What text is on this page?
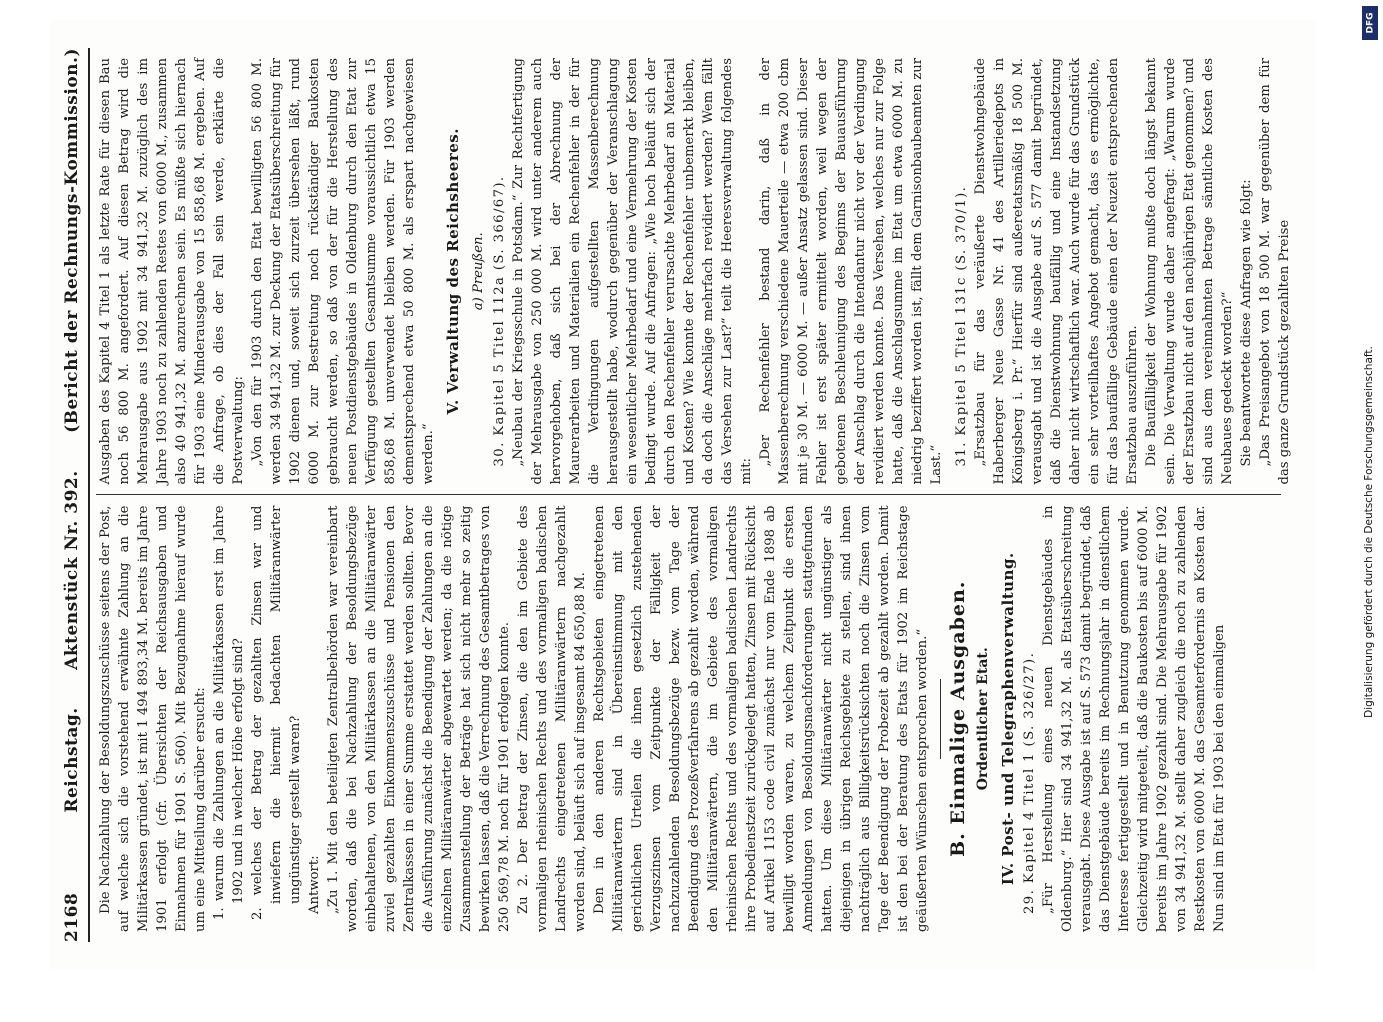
2168
Reichstag.
Aktenstück Nr. 392.
(Bericht der Rechnungs-Kommission.)

Die Nachzahlung der Besoldungszuschüsse seitens der Post, auf welche sich die vorstehend erwähnte Zahlung an die Militärkassen gründet, ist mit 1 494 893,34 M. bereits im Jahre 1901 erfolgt (cfr. Übersichten der Reichsausgaben und Einnahmen für 1901 S. 560). Mit Bezugnahme hierauf wurde um eine Mitteilung darüber ersucht: 1. warum die Zahlungen an die Militärkassen erst im Jahre 1902 und in welcher Höhe erfolgt sind? 2. welches der Betrag der gezahlten Zinsen war und inwiefern die hiermit bedachten Militäranwärter ungünstiger gestellt waren? Antwort: „Zu 1. Mit den beteiligten Zentralbehörden war vereinbart worden, daß die bei Nachzahlung der Besoldungsbezüge einbehaltenen, von den Militärkassen an die Militäranwärter zuviel gezahlten Einkommenszuschüsse und Pensionen den Zentralkassen in einer Summe erstattet werden sollten. Bevor die Ausführung zunächst die Beendigung der Zahlungen an die einzelnen Militäranwärter abgewartet werden; da die nötige Zusammenstellung der Beträge hat sich nicht mehr so zeitig bewirken lassen, daß die Verrechnung des Gesamtbetrages von 250 569,78 M. noch für 1901 erfolgen konnte. Zu 2. Der Betrag der Zinsen, die den im Gebiete des vormaligen rheinischen Rechts und des vormaligen badischen Landrechts eingetretenen Militäranwärtern nachgezahlt worden sind, beläuft sich auf insgesamt 84 650,88 M. Den in den anderen Rechtsgebieten eingetretenen Militäranwärtern sind in Übereinstimmung mit den gerichtlichen Urteilen die ihnen gesetzlich zustehenden Verzugszinsen vom Zeitpunkte der Fälligkeit der nachzuzahlenden Besoldungsbezüge bezw. vom Tage der Beendigung des Prozeßverfahrens ab gezahlt worden, während den Militäranwärtern, die im Gebiete des vormaligen rheinischen Rechts und des vormaligen badischen Landrechts ihre Probedienstzeit zurückgelegt hatten, Zinsen mit Rücksicht auf Artikel 1153 code civil zunächst nur vom Ende 1898 ab bewilligt worden waren, zu welchem Zeitpunkt die ersten Anmeldungen von Besoldungsnachforderungen stattgefunden hatten. Um diese Militäranwärter nicht ungünstiger als diejenigen in übrigen Reichsgebiete zu stellen, sind ihnen nachträglich aus Billigkeitsrücksichten noch die Zinsen vom Tage der Beendigung der Probezeit ab gezahlt worden. Damit ist den bei der Beratung des Etats für 1902 im Reichstage geäußerten Wünschen entsprochen worden.“ B. Einmalige Ausgaben. Ordentlicher Etat. IV. Post- und Telegraphenverwaltung. 29. Kapitel 4 Titel 1 (S. 326/27). „Für Herstellung eines neuen Dienstgebäudes in Oldenburg.“ Hier sind 34 941,32 M. als Etatsüberschreitung verausgabt. Diese Ausgabe ist auf S. 573 damit begründet, daß das Dienstgebäude bereits im Rechnungsjahr in dienstlichem Interesse fertiggestellt und in Benutzung genommen wurde. Gleichzeitig wird mitgeteilt, daß die Baukosten bis auf 6000 M. bereits im Jahre 1902 gezahlt sind. Die Mehrausgabe für 1902 von 34 941,32 M. stellt daher zugleich die noch zu zahlenden Restkosten von 6000 M. das Gesamterfordernis an Kosten dar. Nun sind im Etat für 1903 bei den einmaligen

Ausgaben des Kapitel 4 Titel 1 als letzte Rate für diesen Bau noch 56 800 M. angefordert. Auf diesen Betrag wird die Mehrausgabe aus 1902 mit 34 941,32 M. zuzüglich des im Jahre 1903 noch zu zahlenden Restes von 6000 M., zusammen also 40 941,32 M. anzurechnen sein. Es müßte sich hiernach für 1903 eine Minderausgabe von 15 858,68 M. ergeben. Auf die Anfrage, ob dies der Fall sein werde, erklärte die Postverwaltung: „Von den für 1903 durch den Etat bewilligten 56 800 M. werden 34 941,32 M. zur Deckung der Etatsüberschreitung für 1902 dienen und, soweit sich zurzeit übersehen läßt, rund 6000 M. zur Bestreitung noch rückständiger Baukosten gebraucht werden, so daß von der für die Herstellung des neuen Postdienstgebäudes in Oldenburg durch den Etat zur Verfügung gestellten Gesamtsumme voraussichtlich etwa 15 858,68 M. unverwendet bleiben werden. Für 1903 werden dementsprechend etwa 50 800 M. als erspart nachgewiesen werden.“

V. Verwaltung des Reichsheeres. a) Preußen. 30. Kapitel 5 Titel 112a (S. 366/67). „Neubau der Kriegsschule in Potsdam.“ Zur Rechtfertigung der Mehrausgabe von 250 000 M. wird unter anderem auch hervorgehoben, daß sich bei der Abrechnung der Maurerarbeiten und Materialien ein Rechenfehler in der für die Verdingungen aufgestellten Massenberechnung herausgestellt habe, wodurch gegenüber der Veranschlagung ein wesentlicher Mehrbedarf und eine Vermehrung der Kosten bedingt wurde. Auf die Anfragen: „Wie hoch beläuft sich der durch den Rechenfehler verursachte Mehrbedarf an Material und Kosten? Wie konnte der Rechenfehler unbemerkt bleiben, da doch die Anschläge mehrfach revidiert werden? Wem fällt das Versehen zur Last?“ teilt die Heeresverwaltung folgendes mit:

„Der Rechenfehler bestand darin, daß in der Massenberechnung verschiedene Mauerteile — etwa 200 cbm mit je 30 M. — 6000 M. — außer Ansatz gelassen sind. Dieser Fehler ist erst später ermittelt worden, weil wegen der gebotenen Beschleunigung des Beginns der Bauausführung der Anschlag durch die Intendantur nicht vor der Verdingung revidiert werden konnte. Das Versehen, welches nur zur Folge hatte, daß die Anschlagsumme im Etat um etwa 6000 M. zu niedrig beziffert worden ist, fällt dem Garnisonbaubeamten zur Last.“ 31. Kapitel 5 Titel 131c (S. 370/1). „Ersatzbau für das veräußerte Dienstwohngebäude Haberberger Neue Gasse Nr. 41 des Artilleriedepots in Königsberg i. Pr.“ Hierfür sind außeretatsmäßig 18 500 M. verausgabt und ist die Ausgabe auf S. 577 damit begründet, daß die Dienstwohnung baufällig und eine Instandsetzung daher nicht wirtschaftlich war. Auch wurde für das Grundstück ein sehr vorteilhaftes Angebot gemacht, das es ermöglichte, für das baufällige Gebäude einen der Neuzeit entsprechenden Ersatzbau auszuführen. Die Baufälligkeit der Wohnung mußte doch längst bekannt sein. Die Verwaltung wurde daher angefragt: „Warum wurde der Ersatzbau nicht auf den nachjährigen Etat genommen? und sind aus dem vereinnahmten Betrage sämtliche Kosten des Neubaues gedeckt worden?“ Sie beantwortete diese Anfragen wie folgt: „Das Preisangebot von 18 500 M. war gegenüber dem für das ganze Grundstück gezahlten Preise

DFG
Digitalisierung gefördert durch die Deutsche Forschungsgemeinschaft.
